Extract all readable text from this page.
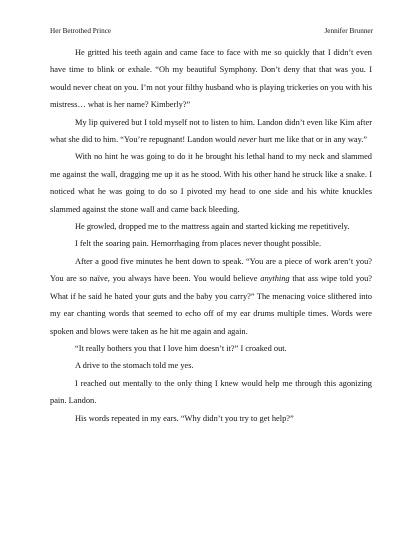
Her Betrothed Prince	Jennifer Brunner

He gritted his teeth again and came face to face with me so quickly that I didn’t even have time to blink or exhale. “Oh my beautiful Symphony. Don’t deny that that was you. I would never cheat on you. I’m not your filthy husband who is playing trickeries on you with his mistress… what is her name? Kimberly?”

My lip quivered but I told myself not to listen to him. Landon didn’t even like Kim after what she did to him. “You’re repugnant! Landon would never hurt me like that or in any way.”

With no hint he was going to do it he brought his lethal hand to my neck and slammed me against the wall, dragging me up it as he stood. With his other hand he struck like a snake. I noticed what he was going to do so I pivoted my head to one side and his white knuckles slammed against the stone wall and came back bleeding.

He growled, dropped me to the mattress again and started kicking me repetitively.

I felt the soaring pain. Hemorrhaging from places never thought possible.

After a good five minutes he bent down to speak. “You are a piece of work aren’t you? You are so naïve, you always have been. You would believe anything that ass wipe told you? What if he said he hated your guts and the baby you carry?” The menacing voice slithered into my ear chanting words that seemed to echo off of my ear drums multiple times. Words were spoken and blows were taken as he hit me again and again.

“It really bothers you that I love him doesn’t it?” I croaked out.

A drive to the stomach told me yes.

I reached out mentally to the only thing I knew would help me through this agonizing pain. Landon.

His words repeated in my ears. “Why didn’t you try to get help?”
